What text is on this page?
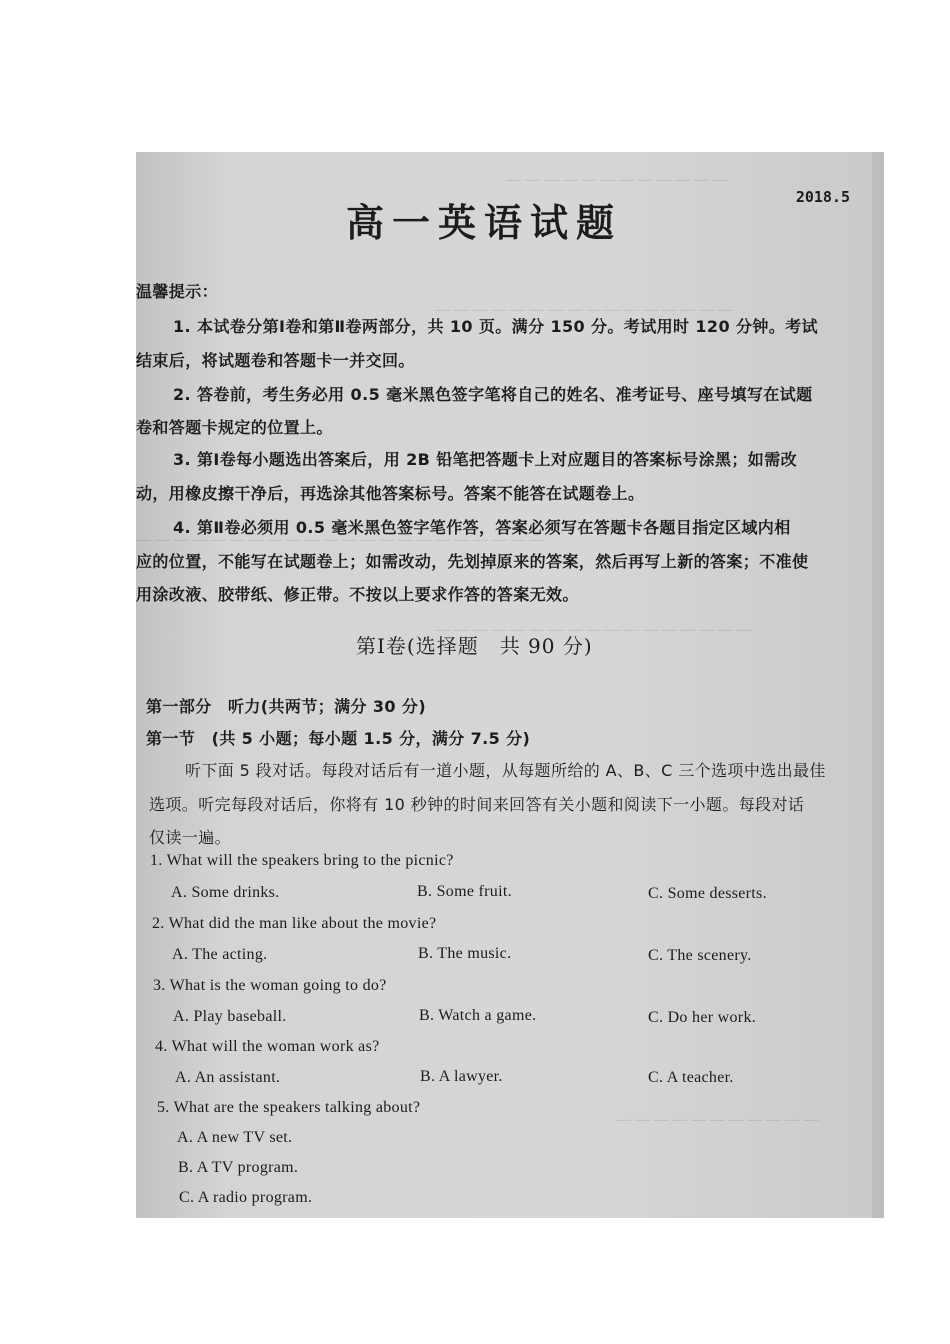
— — — — — — — — — — — —
— — — — — — — — — — — — — — — —
— — — — — — — — — — — — — — — — — — — — — —
— — — — — — — — — — — — — — — — —
— — — — — — — — — — —
2018.5
高一英语试题
温馨提示：
1. 本试卷分第Ⅰ卷和第Ⅱ卷两部分，共 10 页。满分 150 分。考试用时 120 分钟。考试
结束后，将试题卷和答题卡一并交回。
2. 答卷前，考生务必用 0.5 毫米黑色签字笔将自己的姓名、准考证号、座号填写在试题
卷和答题卡规定的位置上。
3. 第Ⅰ卷每小题选出答案后，用 2B 铅笔把答题卡上对应题目的答案标号涂黑；如需改
动，用橡皮擦干净后，再选涂其他答案标号。答案不能答在试题卷上。
4. 第Ⅱ卷必须用 0.5 毫米黑色签字笔作答，答案必须写在答题卡各题目指定区域内相
应的位置，不能写在试题卷上；如需改动，先划掉原来的答案，然后再写上新的答案；不准使
用涂改液、胶带纸、修正带。不按以上要求作答的答案无效。
第Ⅰ卷(选择题　共 90 分)
第一部分　听力(共两节；满分 30 分)
第一节　(共 5 小题；每小题 1.5 分，满分 7.5 分)
听下面 5 段对话。每段对话后有一道小题，从每题所给的 A、B、C 三个选项中选出最佳
选项。听完每段对话后，你将有 10 秒钟的时间来回答有关小题和阅读下一小题。每段对话
仅读一遍。
1. What will the speakers bring to the picnic?
A. Some drinks.	B. Some fruit.	C. Some desserts.
2. What did the man like about the movie?
A. The acting.	B. The music.	C. The scenery.
3. What is the woman going to do?
A. Play baseball.	B. Watch a game.	C. Do her work.
4. What will the woman work as?
A. An assistant.	B. A lawyer.	C. A teacher.
5. What are the speakers talking about?
A. A new TV set.
B. A TV program.
C. A radio program.
